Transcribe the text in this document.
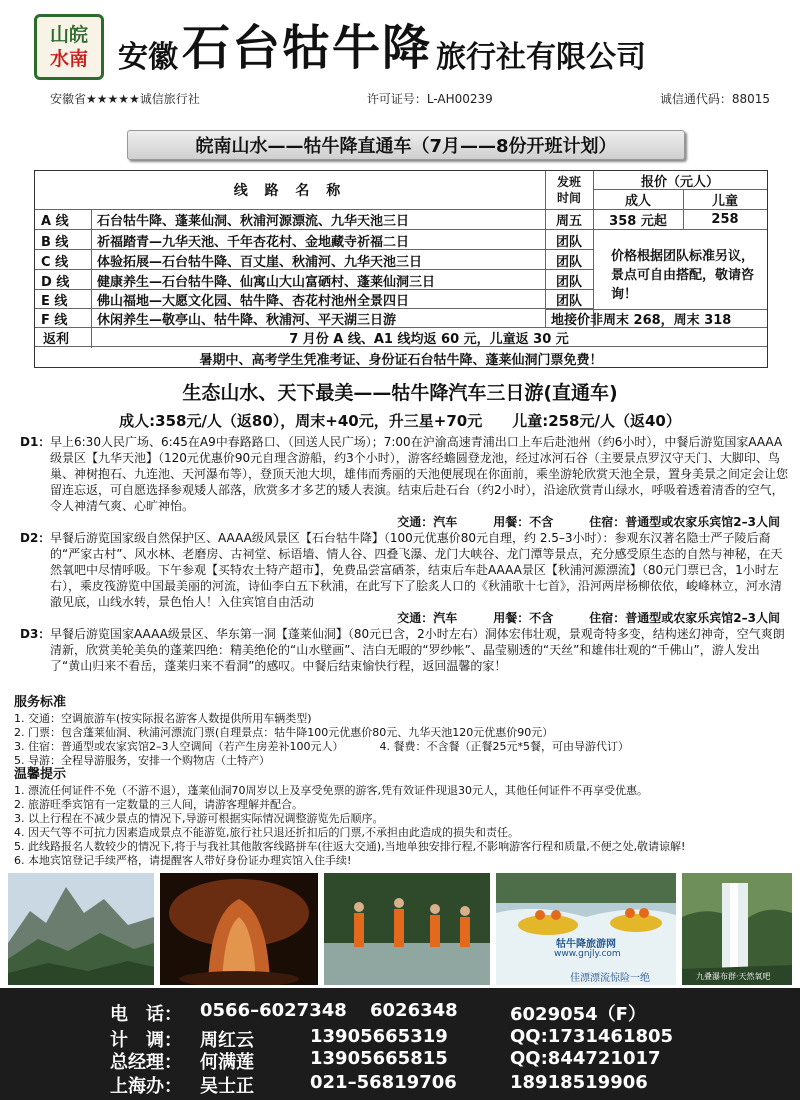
山皖
水南 安徽 石台牯牛降 旅行社有限公司
安徽省★★★★★诚信旅行社	许可证号：L-AH00239	诚信通代码：88015
皖南山水——牯牛降直通车（7月——8份开班计划）
线 路 名 称
发班
时间
报价（元人）
成人	儿童
A 线 石台牯牛降、蓬莱仙洞、秋浦河源漂流、九华天池三日	周五	358 元起	258
B 线 祈福踏青—九华天池、千年杏花村、金地藏寺祈福二日	团队
C 线 体验拓展—石台牯牛降、百丈崖、秋浦河、九华天池三日	团队
D 线 健康养生—石台牯牛降、仙寓山大山富硒村、蓬莱仙洞三日	团队
E 线 佛山福地—大愿文化园、牯牛降、杏花村池州全景四日	团队
价格根据团队标准另议，景点可自由搭配，敬请咨询！
F 线 休闲养生—敬亭山、牯牛降、秋浦河、平天湖三日游	地接价非周末 268，周末 318
返利	7 月份 A 线、A1 线均返 60 元，儿童返 30 元
暑期中、高考学生凭准考证、身份证石台牯牛降、蓬莱仙洞门票免费！
生态山水、天下最美——牯牛降汽车三日游(直通车)
成人:358元/人（返80），周末+40元，升三星+70元　　儿童:258元/人（返40）
D1： 早上6:30人民广场、6:45在A9中春路路口、（回送人民广场）；7:00在沪渝高速青浦出口上车后赴池州（约6小时），中餐后游览国家AAAA级景区【九华天池】（120元优惠价90元自理含游船，约3个小时），游客经蟾圆登龙池，经过冰河石谷（主要景点罗汉守天门、大脚印、鸟巢、神树抱石、九连池、天河瀑布等），登顶天池大坝，雄伟而秀丽的天池便展现在你面前，乘坐游轮欣赏天池全景，置身美景之间定会让您留连忘返，可自愿选择参观矮人部落，欣赏多才多艺的矮人表演。结束后赴石台（约2小时），沿途欣赏青山绿水，呼吸着透着清香的空气，令人神清气爽、心旷神怡。
交通：汽车	用餐：不含	住宿：普通型或农家乐宾馆2–3人间
D2： 早餐后游览国家级自然保护区、AAAA级风景区【石台牯牛降】（100元优惠价80元自理，约 2.5–3小时）：参观东汉著名隐士严子陵后裔的“严家古村”、风水林、老磨房、古祠堂、标语墙、情人谷、四叠飞瀑、龙门大峡谷、龙门潭等景点，充分感受原生态的自然与神秘，在天然氧吧中尽情呼吸。下午参观【买特农土特产超市】，免费品尝富硒茶，结束后车赴AAAA景区【秋浦河源漂流】（80元门票已含，1小时左右），乘皮筏游览中国最美丽的河流，诗仙李白五下秋浦，在此写下了脍炙人口的《秋浦歌十七首》，沿河两岸杨柳依依，峻峰林立，河水清澈见底，山线水转，景色怡人！入住宾馆自由活动
交通：汽车	用餐：不含	住宿：普通型或农家乐宾馆2–3人间
D3： 早餐后游览国家AAAA级景区、华东第一洞【蓬莱仙洞】（80元已含，2小时左右）洞体宏伟壮观，景观奇特多变，结构迷幻神奇，空气爽朗清新，欣赏美轮美奂的蓬莱四绝：精美绝伦的“山水壁画”、洁白无暇的“罗纱帐”、晶莹剔透的“天丝”和雄伟壮观的“千佛山”，游人发出了“黄山归来不看岳，蓬莱归来不看洞”的感叹。中餐后结束愉快行程，返回温馨的家！
服务标准
1. 交通：空调旅游车(按实际报名游客人数提供所用车辆类型)
2. 门票：包含蓬莱仙洞、秋浦河漂流门票(自理景点：牯牛降100元优惠价80元、九华天池120元优惠价90元）
3. 住宿：普通型或农家宾馆2–3人空调间（若产生房差补100元人）	4. 餐费：不含餐（正餐25元*5餐，可由导游代订）
5. 导游：全程导游服务，安排一个购物店（土特产）
温馨提示
1. 漂流任何证件不免（不游不退），蓬莱仙洞70周岁以上及享受免票的游客,凭有效证件现退30元人，其他任何证件不再享受优惠。
2. 旅游旺季宾馆有一定数量的三人间，请游客理解并配合。
3. 以上行程在不减少景点的情况下,导游可根据实际情况调整游览先后顺序。
4. 因天气等不可抗力因素造成景点不能游览,旅行社只退还折扣后的门票,不承担由此造成的损失和责任。
5. 此线路报名人数较少的情况下,将于与我社其他散客线路拼车(往返大交通),当地单独安排行程,不影响游客行程和质量,不便之处,敬请谅解!
6. 本地宾馆登记手续严格，请提醒客人带好身份证办理宾馆入住手续!
牯牛降旅游网
www.gnjly.com
佳漂漂流惊险一绝	九叠瀑布群·天然氧吧
电　话： 0566–6027348 6026348	6029054（F）
计　调： 周红云	13905665319	QQ:1731461805
总经理： 何满莲	13905665815	QQ:844721017
上海办： 吴士正	021–56819706	18918519906
